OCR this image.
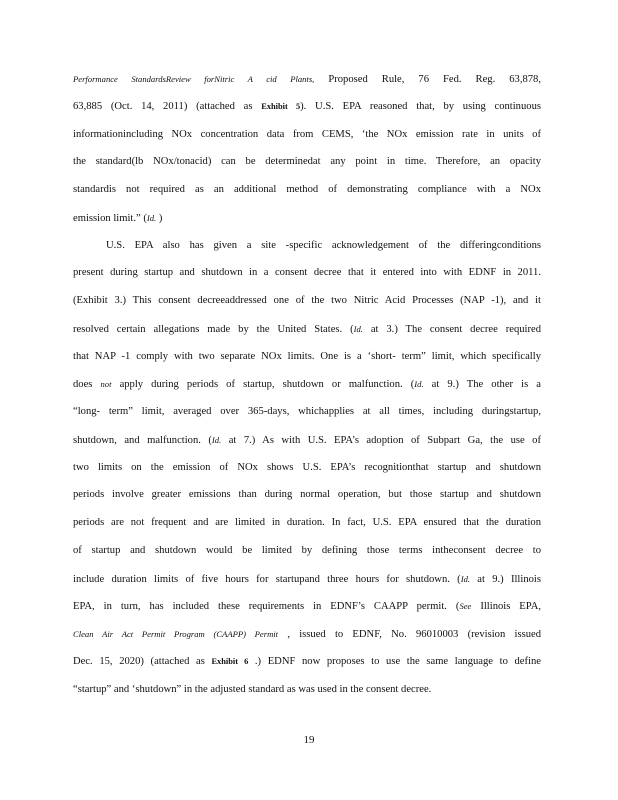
Performance StandardsReview forNitric A cid Plants, Proposed Rule, 76 Fed. Reg. 63,878,
63,885 (Oct. 14, 2011) (attached as Exhibit 5). U.S. EPA reasoned that, by using continuous
informationincluding NOx concentration data from CEMS, ‘the NOx emission rate in units of
the standard(lb NOx/tonacid) can be determinedat any point in time. Therefore, an opacity
standardis not required as an additional method of demonstrating compliance with a NOx
emission limit.” (Id. )
U.S. EPA also has given a site -specific acknowledgement of the differingconditions
present during startup and shutdown in a consent decree that it entered into with EDNF in 2011.
(Exhibit 3.) This consent decreeaddressed one of the two Nitric Acid Processes (NAP -1), and it
resolved certain allegations made by the United States. (Id. at 3.) The consent decree required
that NAP -1 comply with two separate NOx limits. One is a ‘short- term” limit, which specifically
does not apply during periods of startup, shutdown or malfunction. (Id. at 9.) The other is a
“long- term” limit, averaged over 365-days, whichapplies at all times, including duringstartup,
shutdown, and malfunction. (Id. at 7.) As with U.S. EPA’s adoption of Subpart Ga, the use of
two limits on the emission of NOx shows U.S. EPA’s recognitionthat startup and shutdown
periods involve greater emissions than during normal operation, but those startup and shutdown
periods are not frequent and are limited in duration. In fact, U.S. EPA ensured that the duration
of startup and shutdown would be limited by defining those terms intheconsent decree to
include duration limits of five hours for startupand three hours for shutdown. (Id. at 9.) Illinois
EPA, in turn, has included these requirements in EDNF’s CAAPP permit. (See Illinois EPA,
Clean Air Act Permit Program (CAAPP) Permit , issued to EDNF, No. 96010003 (revision issued
Dec. 15, 2020) (attached as Exhibit 6 .) EDNF now proposes to use the same language to define
“startup” and ‘shutdown” in the adjusted standard as was used in the consent decree.
19
